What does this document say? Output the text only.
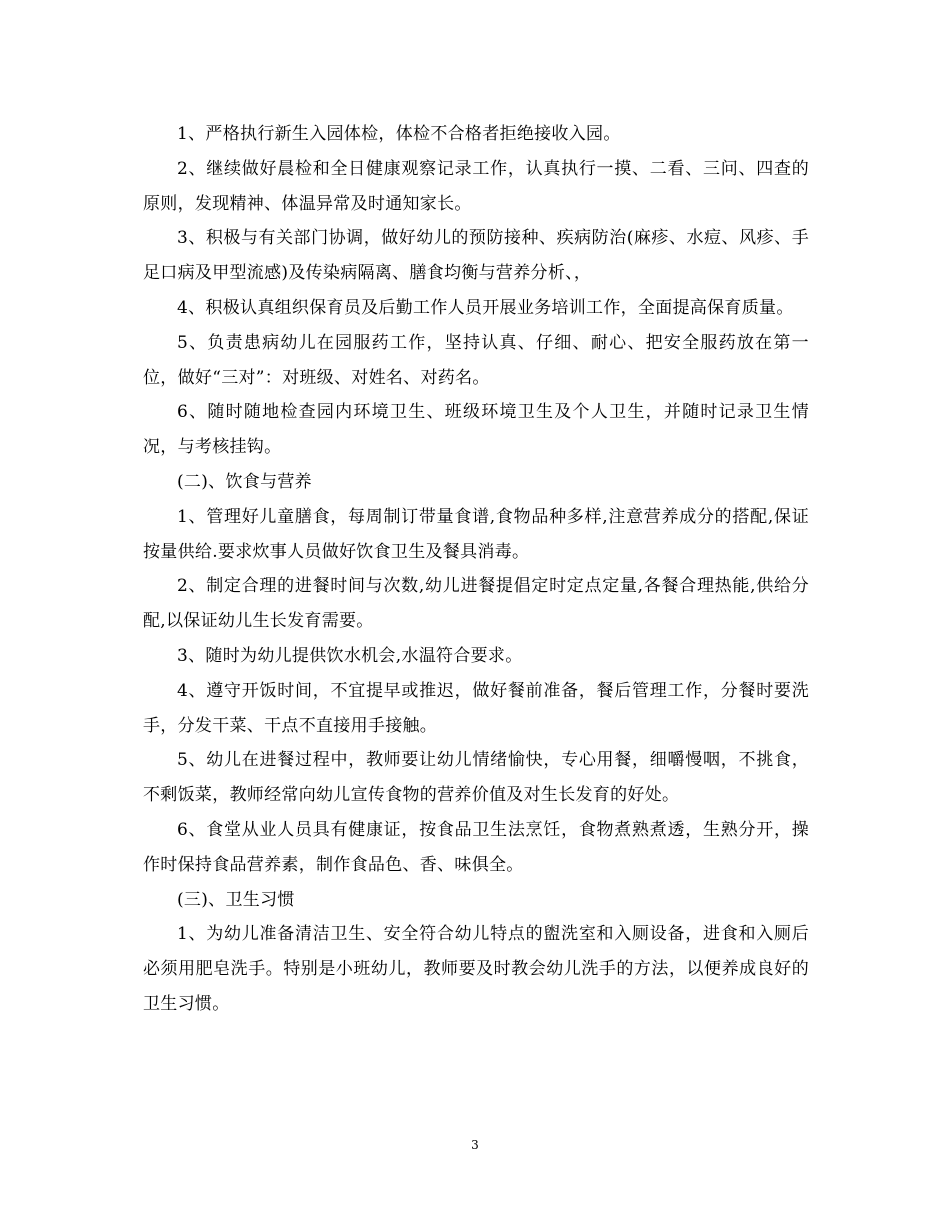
1、严格执行新生入园体检，体检不合格者拒绝接收入园。

2、继续做好晨检和全日健康观察记录工作，认真执行一摸、二看、三问、四查的原则，发现精神、体温异常及时通知家长。

3、积极与有关部门协调，做好幼儿的预防接种、疾病防治(麻疹、水痘、风疹、手足口病及甲型流感)及传染病隔离、膳食均衡与营养分析、，

4、积极认真组织保育员及后勤工作人员开展业务培训工作，全面提高保育质量。

5、负责患病幼儿在园服药工作，坚持认真、仔细、耐心、把安全服药放在第一位，做好“三对”：对班级、对姓名、对药名。

6、随时随地检查园内环境卫生、班级环境卫生及个人卫生，并随时记录卫生情况，与考核挂钩。

(二)、饮食与营养

1、管理好儿童膳食，每周制订带量食谱,食物品种多样,注意营养成分的搭配,保证按量供给.要求炊事人员做好饮食卫生及餐具消毒。

2、制定合理的进餐时间与次数,幼儿进餐提倡定时定点定量,各餐合理热能,供给分配,以保证幼儿生长发育需要。

3、随时为幼儿提供饮水机会,水温符合要求。

4、遵守开饭时间，不宜提早或推迟，做好餐前准备，餐后管理工作，分餐时要洗手，分发干菜、干点不直接用手接触。

5、幼儿在进餐过程中，教师要让幼儿情绪愉快，专心用餐，细嚼慢咽，不挑食，不剩饭菜，教师经常向幼儿宣传食物的营养价值及对生长发育的好处。

6、食堂从业人员具有健康证，按食品卫生法烹饪，食物煮熟煮透，生熟分开，操作时保持食品营养素，制作食品色、香、味俱全。

(三)、卫生习惯

1、为幼儿准备清洁卫生、安全符合幼儿特点的盥洗室和入厕设备，进食和入厕后必须用肥皂洗手。特别是小班幼儿，教师要及时教会幼儿洗手的方法，以便养成良好的卫生习惯。

3
